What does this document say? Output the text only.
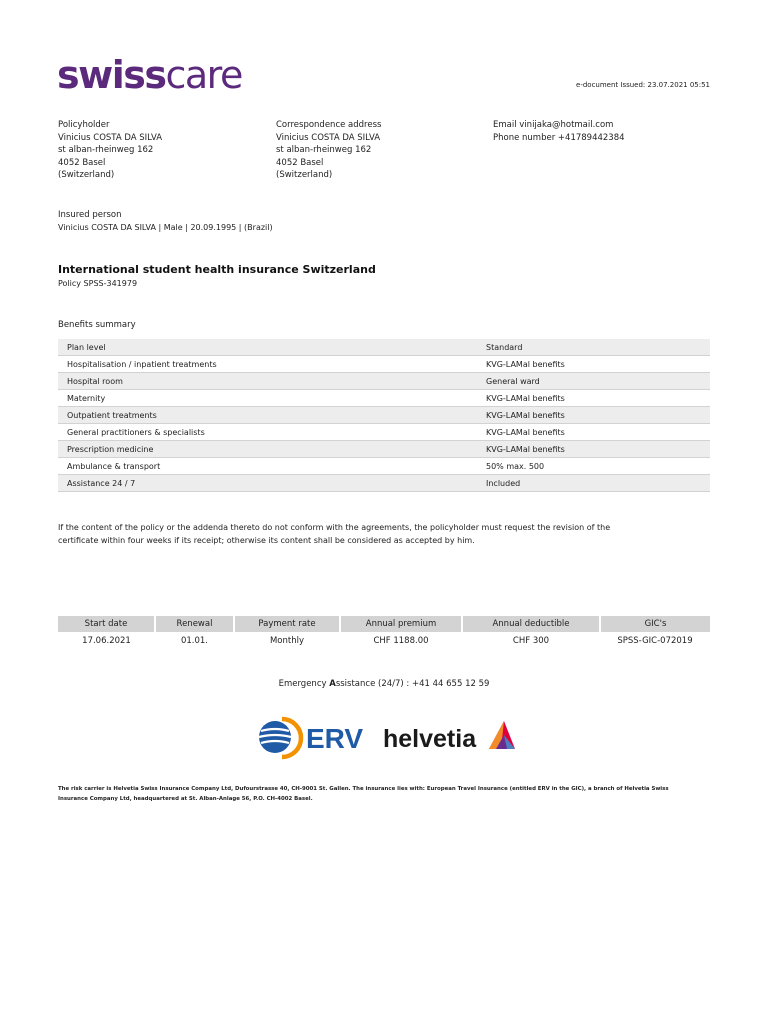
swisscare	e-document Issued: 23.07.2021 05:51
Policyholder
Vinicius COSTA DA SILVA
st alban-rheinweg 162
4052 Basel
(Switzerland)
Correspondence address
Vinicius COSTA DA SILVA
st alban-rheinweg 162
4052 Basel
(Switzerland)
Email vinijaka@hotmail.com
Phone number +41789442384
Insured person
Vinicius COSTA DA SILVA | Male | 20.09.1995 | (Brazil)
International student health insurance Switzerland
Policy SPSS-341979
Benefits summary
Plan level	Standard
Hospitalisation / inpatient treatments	KVG-LAMal benefits
Hospital room	General ward
Maternity	KVG-LAMal benefits
Outpatient treatments	KVG-LAMal benefits
General practitioners & specialists	KVG-LAMal benefits
Prescription medicine	KVG-LAMal benefits
Ambulance & transport	50% max. 500
Assistance 24 / 7	Included
If the content of the policy or the addenda thereto do not conform with the agreements, the policyholder must request the revision of the
certificate within four weeks if its receipt; otherwise its content shall be considered as accepted by him.
Start date	Renewal	Payment rate	Annual premium	Annual deductible	GIC's
17.06.2021	01.01.	Monthly	CHF 1188.00	CHF 300	SPSS-GIC-072019
Emergency Assistance (24/7) : +41 44 655 12 59
ERV helvetia
The risk carrier is Helvetia Swiss Insurance Company Ltd, Dufourstrasse 40, CH-9001 St. Gallen. The insurance lies with: European Travel Insurance (entitled ERV in the GIC), a branch of Helvetia Swiss
Insurance Company Ltd, headquartered at St. Alban-Anlage 56, P.O. CH-4002 Basel.
